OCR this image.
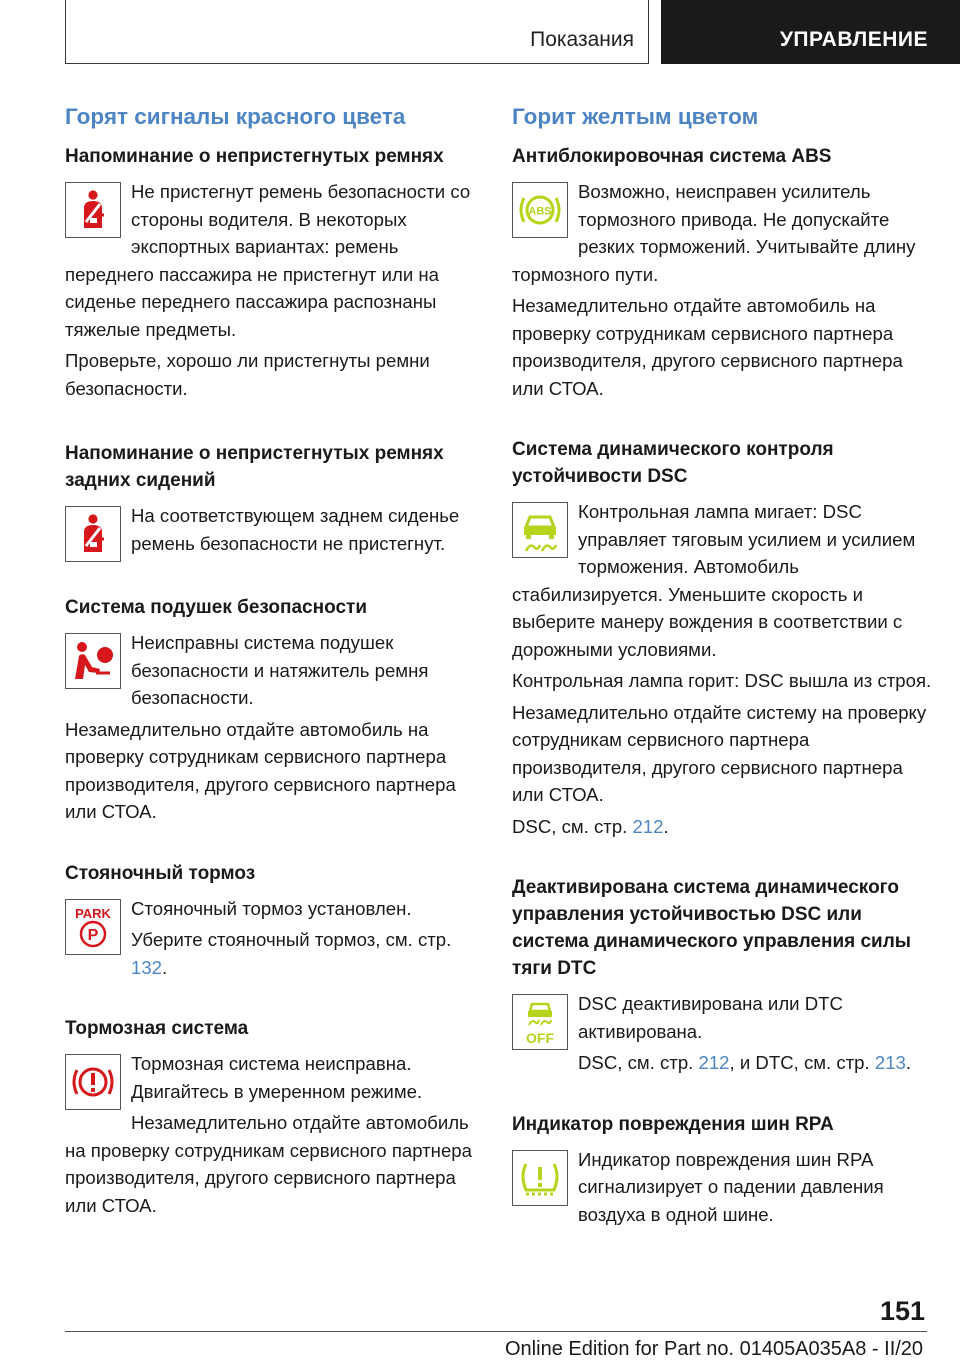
Показания	УПРАВЛЕНИЕ
Горят сигналы красного цвета
Напоминание о непристегнутых ремнях

Не пристегнут ремень безопасности со стороны водителя. В некоторых экспортных вариантах: ремень переднего пассажира не пристегнут или на сиденье переднего пассажира распознаны тяжелые предметы.

Проверьте, хорошо ли пристегнуты ремни безопасности.

Напоминание о непристегнутых ремнях задних сидений

На соответствующем заднем сиденье ремень безопасности не пристегнут.

Система подушек безопасности

Неисправны система подушек безопасности и натяжитель ремня безопасности.

Незамедлительно отдайте автомобиль на проверку сотрудникам сервисного партнера производителя, другого сервисного партнера или СТОА.

Стояночный тормоз
PARK
P

Стояночный тормоз установлен.

Уберите стояночный тормоз, см. стр. 132.

Тормозная система

Тормозная система неисправна. Двигайтесь в умеренном режиме.

Незамедлительно отдайте автомобиль на проверку сотрудникам сервисного партнера производителя, другого сервисного партнера или СТОА.

Горит желтым цветом
Антиблокировочная система ABS
ABS

Возможно, неисправен усилитель тормозного привода. Не допускайте резких торможений. Учитывайте длину тормозного пути.

Незамедлительно отдайте автомобиль на проверку сотрудникам сервисного партнера производителя, другого сервисного партнера или СТОА.

Система динамического контроля устойчивости DSC

Контрольная лампа мигает: DSC управляет тяговым усилием и усилием торможения. Автомобиль стабилизируется. Уменьшите скорость и выберите манеру вождения в соответствии с дорожными условиями.

Контрольная лампа горит: DSC вышла из строя.

Незамедлительно отдайте систему на проверку сотрудникам сервисного партнера производителя, другого сервисного партнера или СТОА.

DSC, см. стр. 212.

Деактивирована система динамического управления устойчивостью DSC или система динамического управления силы тяги DTC
OFF

DSC деактивирована или DTC активирована.

DSC, см. стр. 212, и DTC, см. стр. 213.

Индикатор повреждения шин RPA

Индикатор повреждения шин RPA сигнализирует о падении давления воздуха в одной шине.

151
Online Edition for Part no. 01405A035A8 - II/20
